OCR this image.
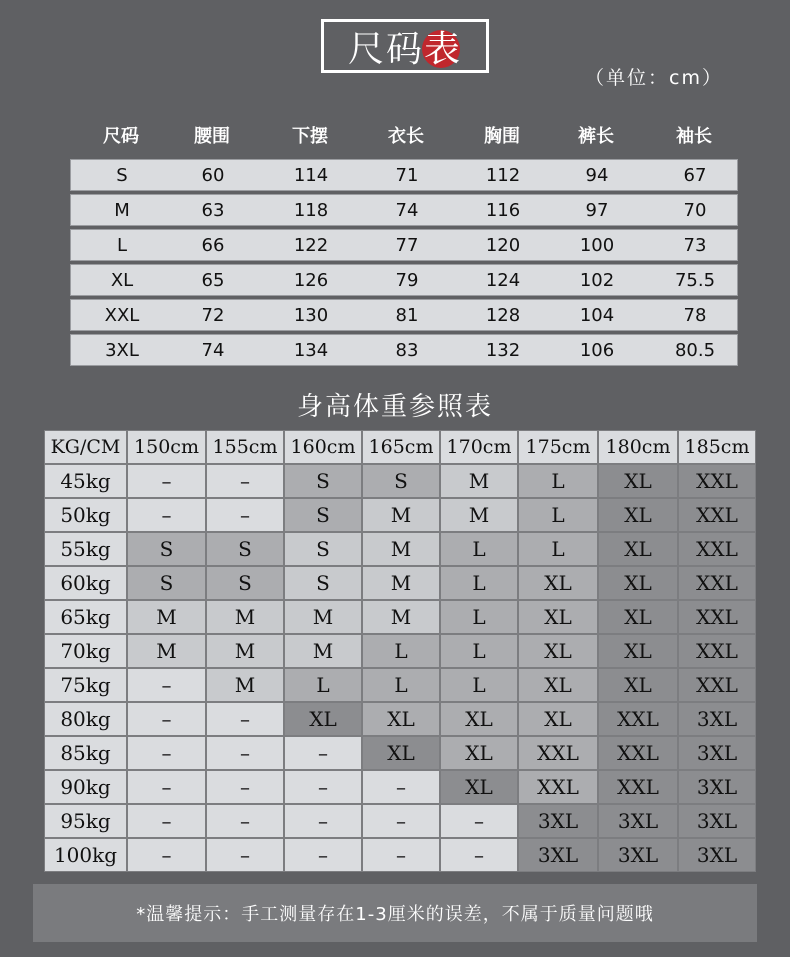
尺码表
（单位：cm）
尺码	腰围	下摆	衣长	胸围	裤长	袖长
S	60	114	71	112	94	67
M	63	118	74	116	97	70
L	66	122	77	120	100	73
XL	65	126	79	124	102	75.5
XXL	72	130	81	128	104	78
3XL	74	134	83	132	106	80.5
身高体重参照表
KG/CM 150cm 155cm 160cm 165cm 170cm 175cm 180cm 185cm
45kg	–	–	S	S	M	L	XL	XXL
50kg	–	–	S	M	M	L	XL	XXL
55kg	S	S	S	M	L	L	XL	XXL
60kg	S	S	S	M	L	XL	XL	XXL
65kg	M	M	M	M	L	XL	XL	XXL
70kg	M	M	M	L	L	XL	XL	XXL
75kg	–	M	L	L	L	XL	XL	XXL
80kg	–	–	XL	XL	XL	XL	XXL	3XL
85kg	–	–	–	XL	XL	XXL	XXL	3XL
90kg	–	–	–	–	XL	XXL	XXL	3XL
95kg	–	–	–	–	–	3XL	3XL	3XL
100kg	–	–	–	–	–	3XL	3XL	3XL
*温馨提示：手工测量存在1-3厘米的误差，不属于质量问题哦
